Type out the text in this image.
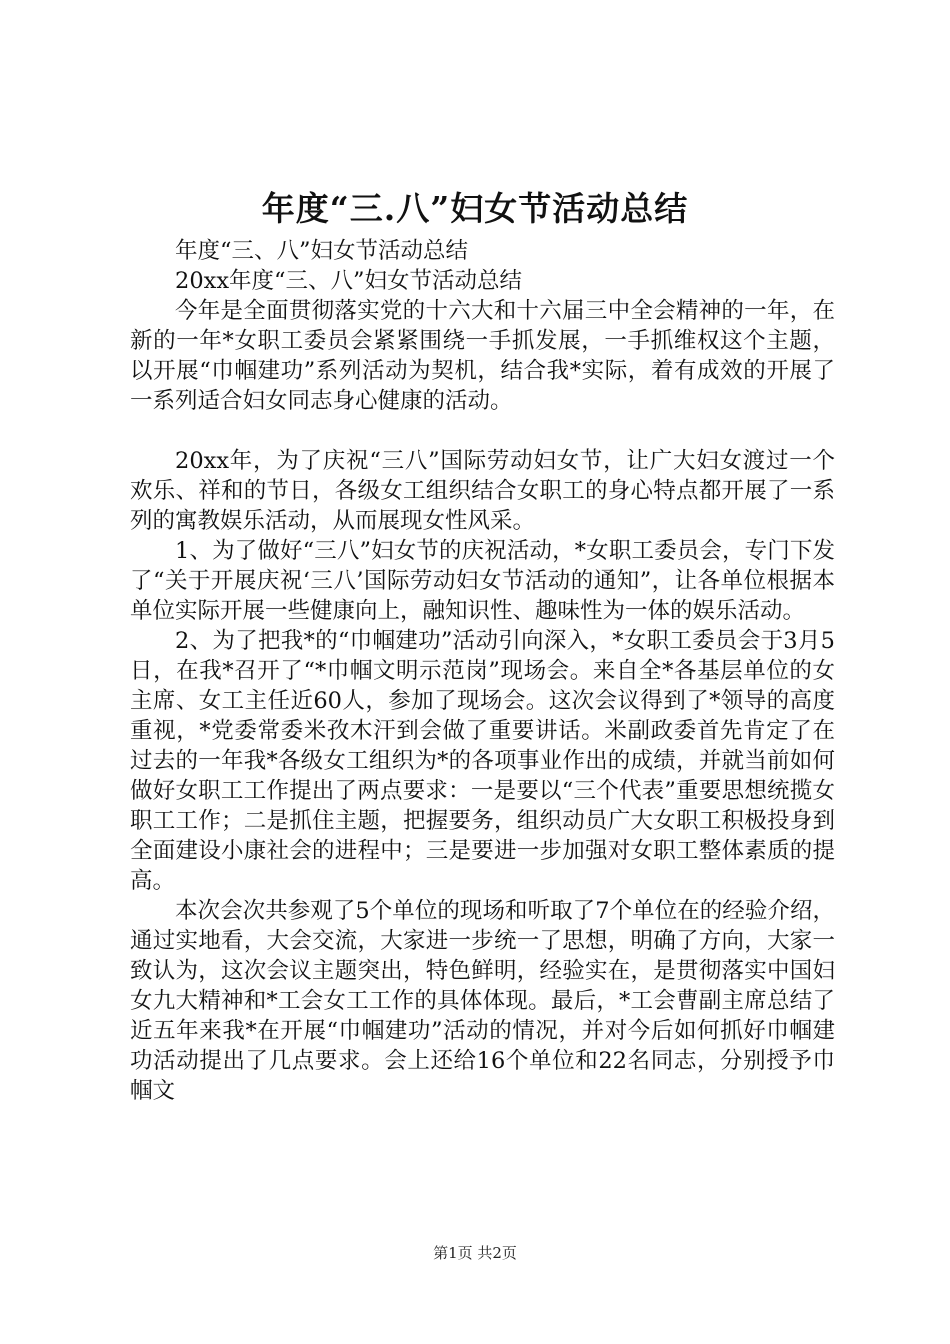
年度“三.八”妇女节活动总结

年度“三、八”妇女节活动总结

20xx年度“三、八”妇女节活动总结

今年是全面贯彻落实党的十六大和十六届三中全会精神的一年，在新的一年*女职工委员会紧紧围绕一手抓发展，一手抓维权这个主题，以开展“巾帼建功”系列活动为契机，结合我*实际，着有成效的开展了一系列适合妇女同志身心健康的活动。

20xx年，为了庆祝“三八”国际劳动妇女节，让广大妇女渡过一个欢乐、祥和的节日，各级女工组织结合女职工的身心特点都开展了一系列的寓教娱乐活动，从而展现女性风采。

1、为了做好“三八”妇女节的庆祝活动，*女职工委员会，专门下发了“关于开展庆祝‘三八’国际劳动妇女节活动的通知”，让各单位根据本单位实际开展一些健康向上，融知识性、趣味性为一体的娱乐活动。

2、为了把我*的“巾帼建功”活动引向深入，*女职工委员会于3月5日，在我*召开了“*巾帼文明示范岗”现场会。来自全*各基层单位的女主席、女工主任近60人，参加了现场会。这次会议得到了*领导的高度重视，*党委常委米孜木汗到会做了重要讲话。米副政委首先肯定了在过去的一年我*各级女工组织为*的各项事业作出的成绩，并就当前如何做好女职工工作提出了两点要求：一是要以“三个代表”重要思想统揽女职工工作；二是抓住主题，把握要务，组织动员广大女职工积极投身到全面建设小康社会的进程中；三是要进一步加强对女职工整体素质的提高。

本次会次共参观了5个单位的现场和听取了7个单位在的经验介绍，通过实地看，大会交流，大家进一步统一了思想，明确了方向，大家一致认为，这次会议主题突出，特色鲜明，经验实在，是贯彻落实中国妇女九大精神和*工会女工工作的具体体现。最后，*工会曹副主席总结了近五年来我*在开展“巾帼建功”活动的情况，并对今后如何抓好巾帼建功活动提出了几点要求。会上还给16个单位和22名同志，分别授予巾帼文

第1页 共2页
